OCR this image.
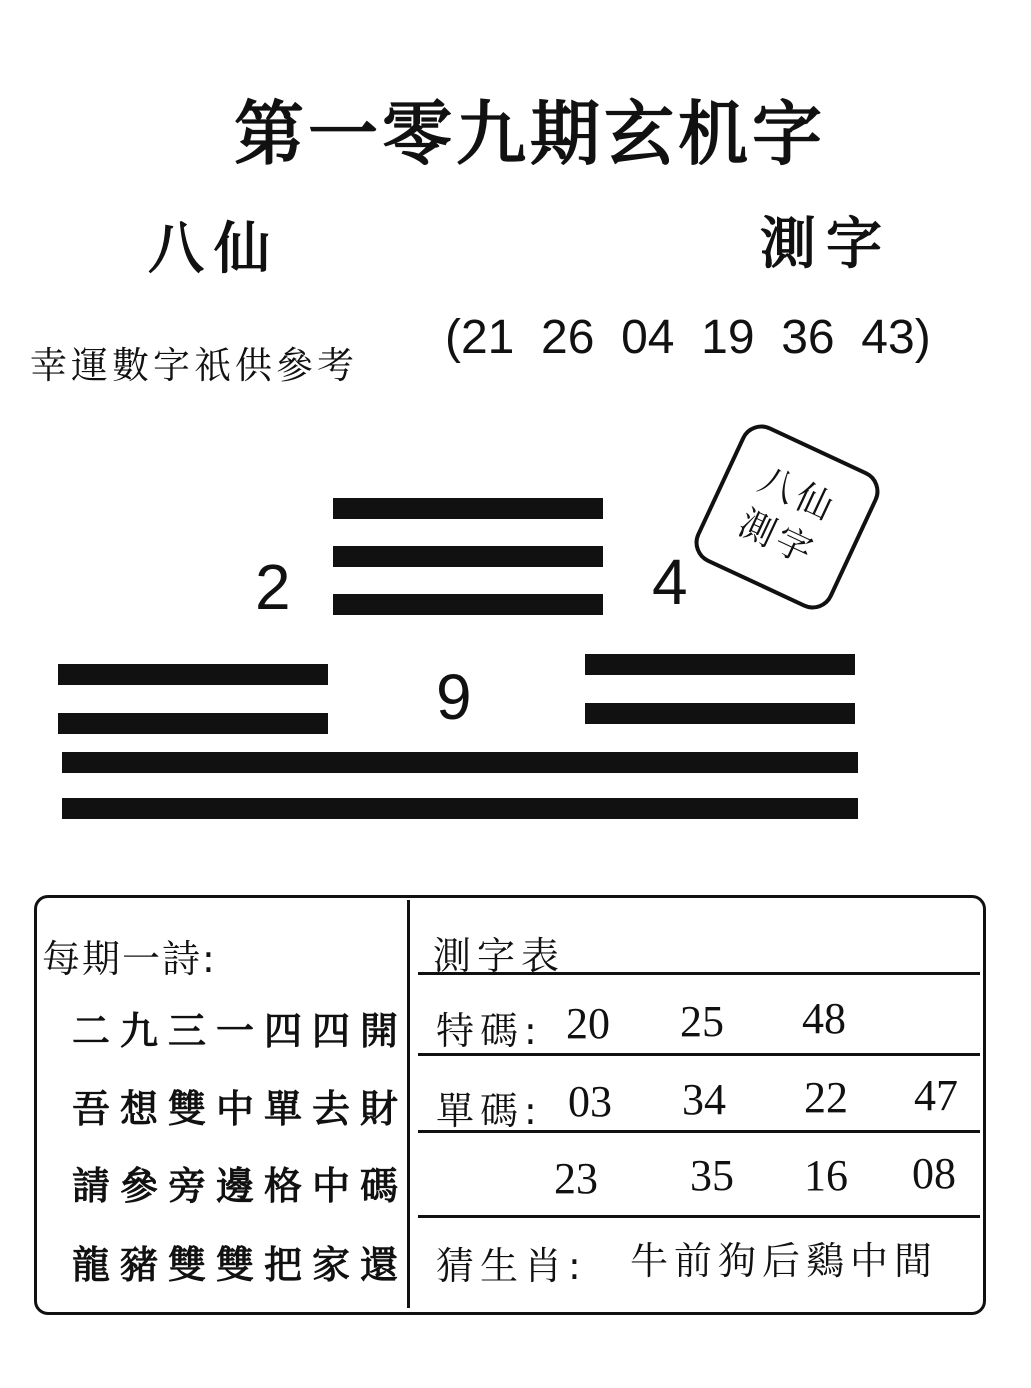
第一零九期玄机字
八仙	測字
幸運數字祇供參考
(21  26  04  19  36  43)
2	4
9
八仙
測字
每期一詩:
二九三一四四開
吾想雙中單去財
請參旁邊格中碼
龍豬雙雙把家還
測字表
特碼: 20 25 48
單碼: 03 34 22 47
23 35 16 08
猜生肖: 牛前狗后鷄中間
